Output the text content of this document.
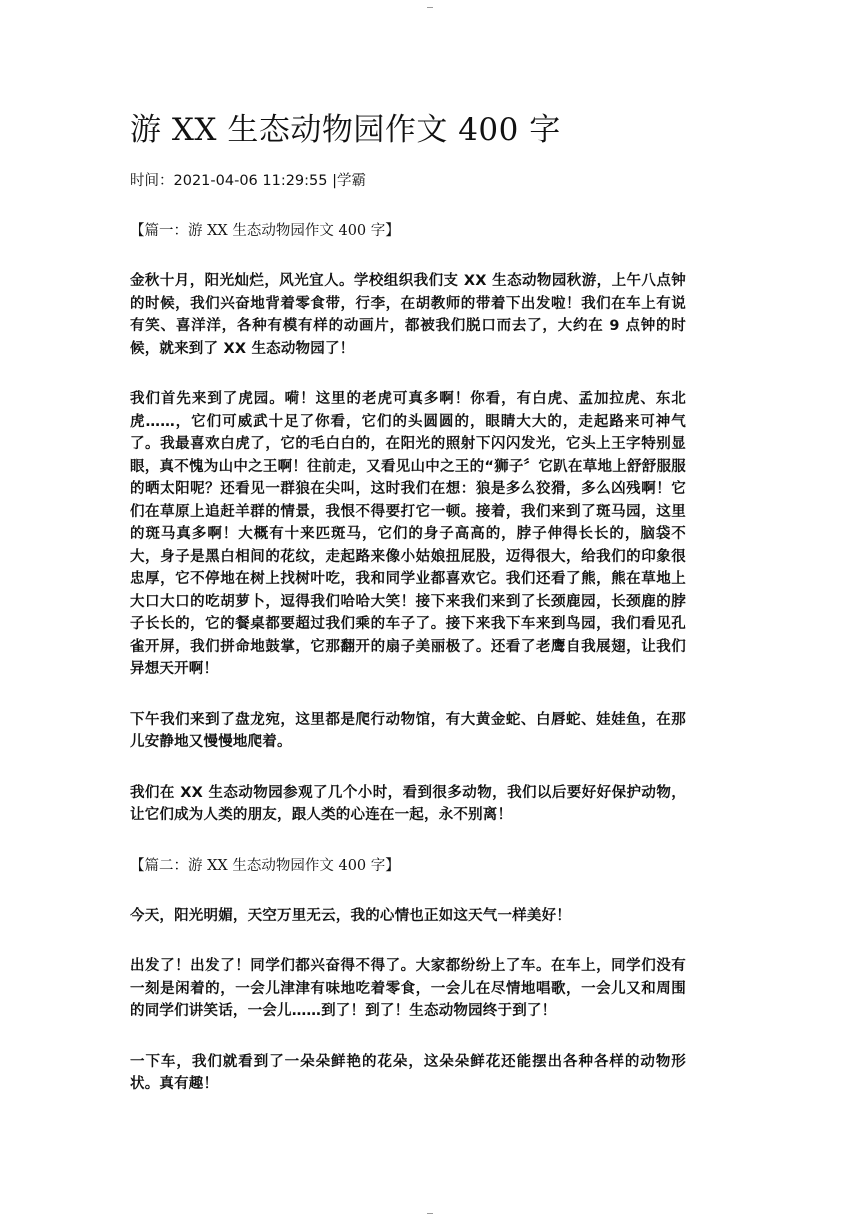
游 XX 生态动物园作文 400 字
时间：2021-04-06 11:29:55 |学霸
【篇一：游 XX 生态动物园作文 400 字】

金秋十月，阳光灿烂，风光宜人。学校组织我们支 XX 生态动物园秋游，上午八点钟的时候，我们兴奋地背着零食带，行李，在胡教师的带着下出发啦！我们在车上有说有笑、喜洋洋，各种有模有样的动画片，都被我们脱口而去了，大约在 9 点钟的时候，就来到了 XX 生态动物园了！

我们首先来到了虎园。嗬！这里的老虎可真多啊！你看，有白虎、孟加拉虎、东北虎……，它们可威武十足了你看，它们的头圆圆的，眼睛大大的，走起路来可神气了。我最喜欢白虎了，它的毛白白的，在阳光的照射下闪闪发光，它头上王字特别显眼，真不愧为山中之王啊！往前走，又看见山中之王的“狮子〞它趴在草地上舒舒服服的晒太阳呢？还看见一群狼在尖叫，这时我们在想：狼是多么狡猾，多么凶残啊！它们在草原上追赶羊群的情景，我恨不得要打它一顿。接着，我们来到了斑马园，这里的斑马真多啊！大概有十来匹斑马，它们的身子高高的，脖子伸得长长的，脑袋不大，身子是黑白相间的花纹，走起路来像小姑娘扭屁股，迈得很大，给我们的印象很忠厚，它不停地在树上找树叶吃，我和同学业都喜欢它。我们还看了熊，熊在草地上大口大口的吃胡萝卜，逗得我们哈哈大笑！接下来我们来到了长颈鹿园，长颈鹿的脖子长长的，它的餐桌都要超过我们乘的车子了。接下来我下车来到鸟园，我们看见孔雀开屏，我们拼命地鼓掌，它那翻开的扇子美丽极了。还看了老鹰自我展翅，让我们异想天开啊！

下午我们来到了盘龙宛，这里都是爬行动物馆，有大黄金蛇、白唇蛇、娃娃鱼，在那儿安静地又慢慢地爬着。

我们在 XX 生态动物园参观了几个小时，看到很多动物，我们以后要好好保护动物，让它们成为人类的朋友，跟人类的心连在一起，永不别离！

【篇二：游 XX 生态动物园作文 400 字】

今天，阳光明媚，天空万里无云，我的心情也正如这天气一样美好！

出发了！出发了！同学们都兴奋得不得了。大家都纷纷上了车。在车上，同学们没有一刻是闲着的，一会儿津津有味地吃着零食，一会儿在尽情地唱歌，一会儿又和周围的同学们讲笑话，一会儿……到了！到了！生态动物园终于到了！

一下车，我们就看到了一朵朵鲜艳的花朵，这朵朵鲜花还能摆出各种各样的动物形状。真有趣！
